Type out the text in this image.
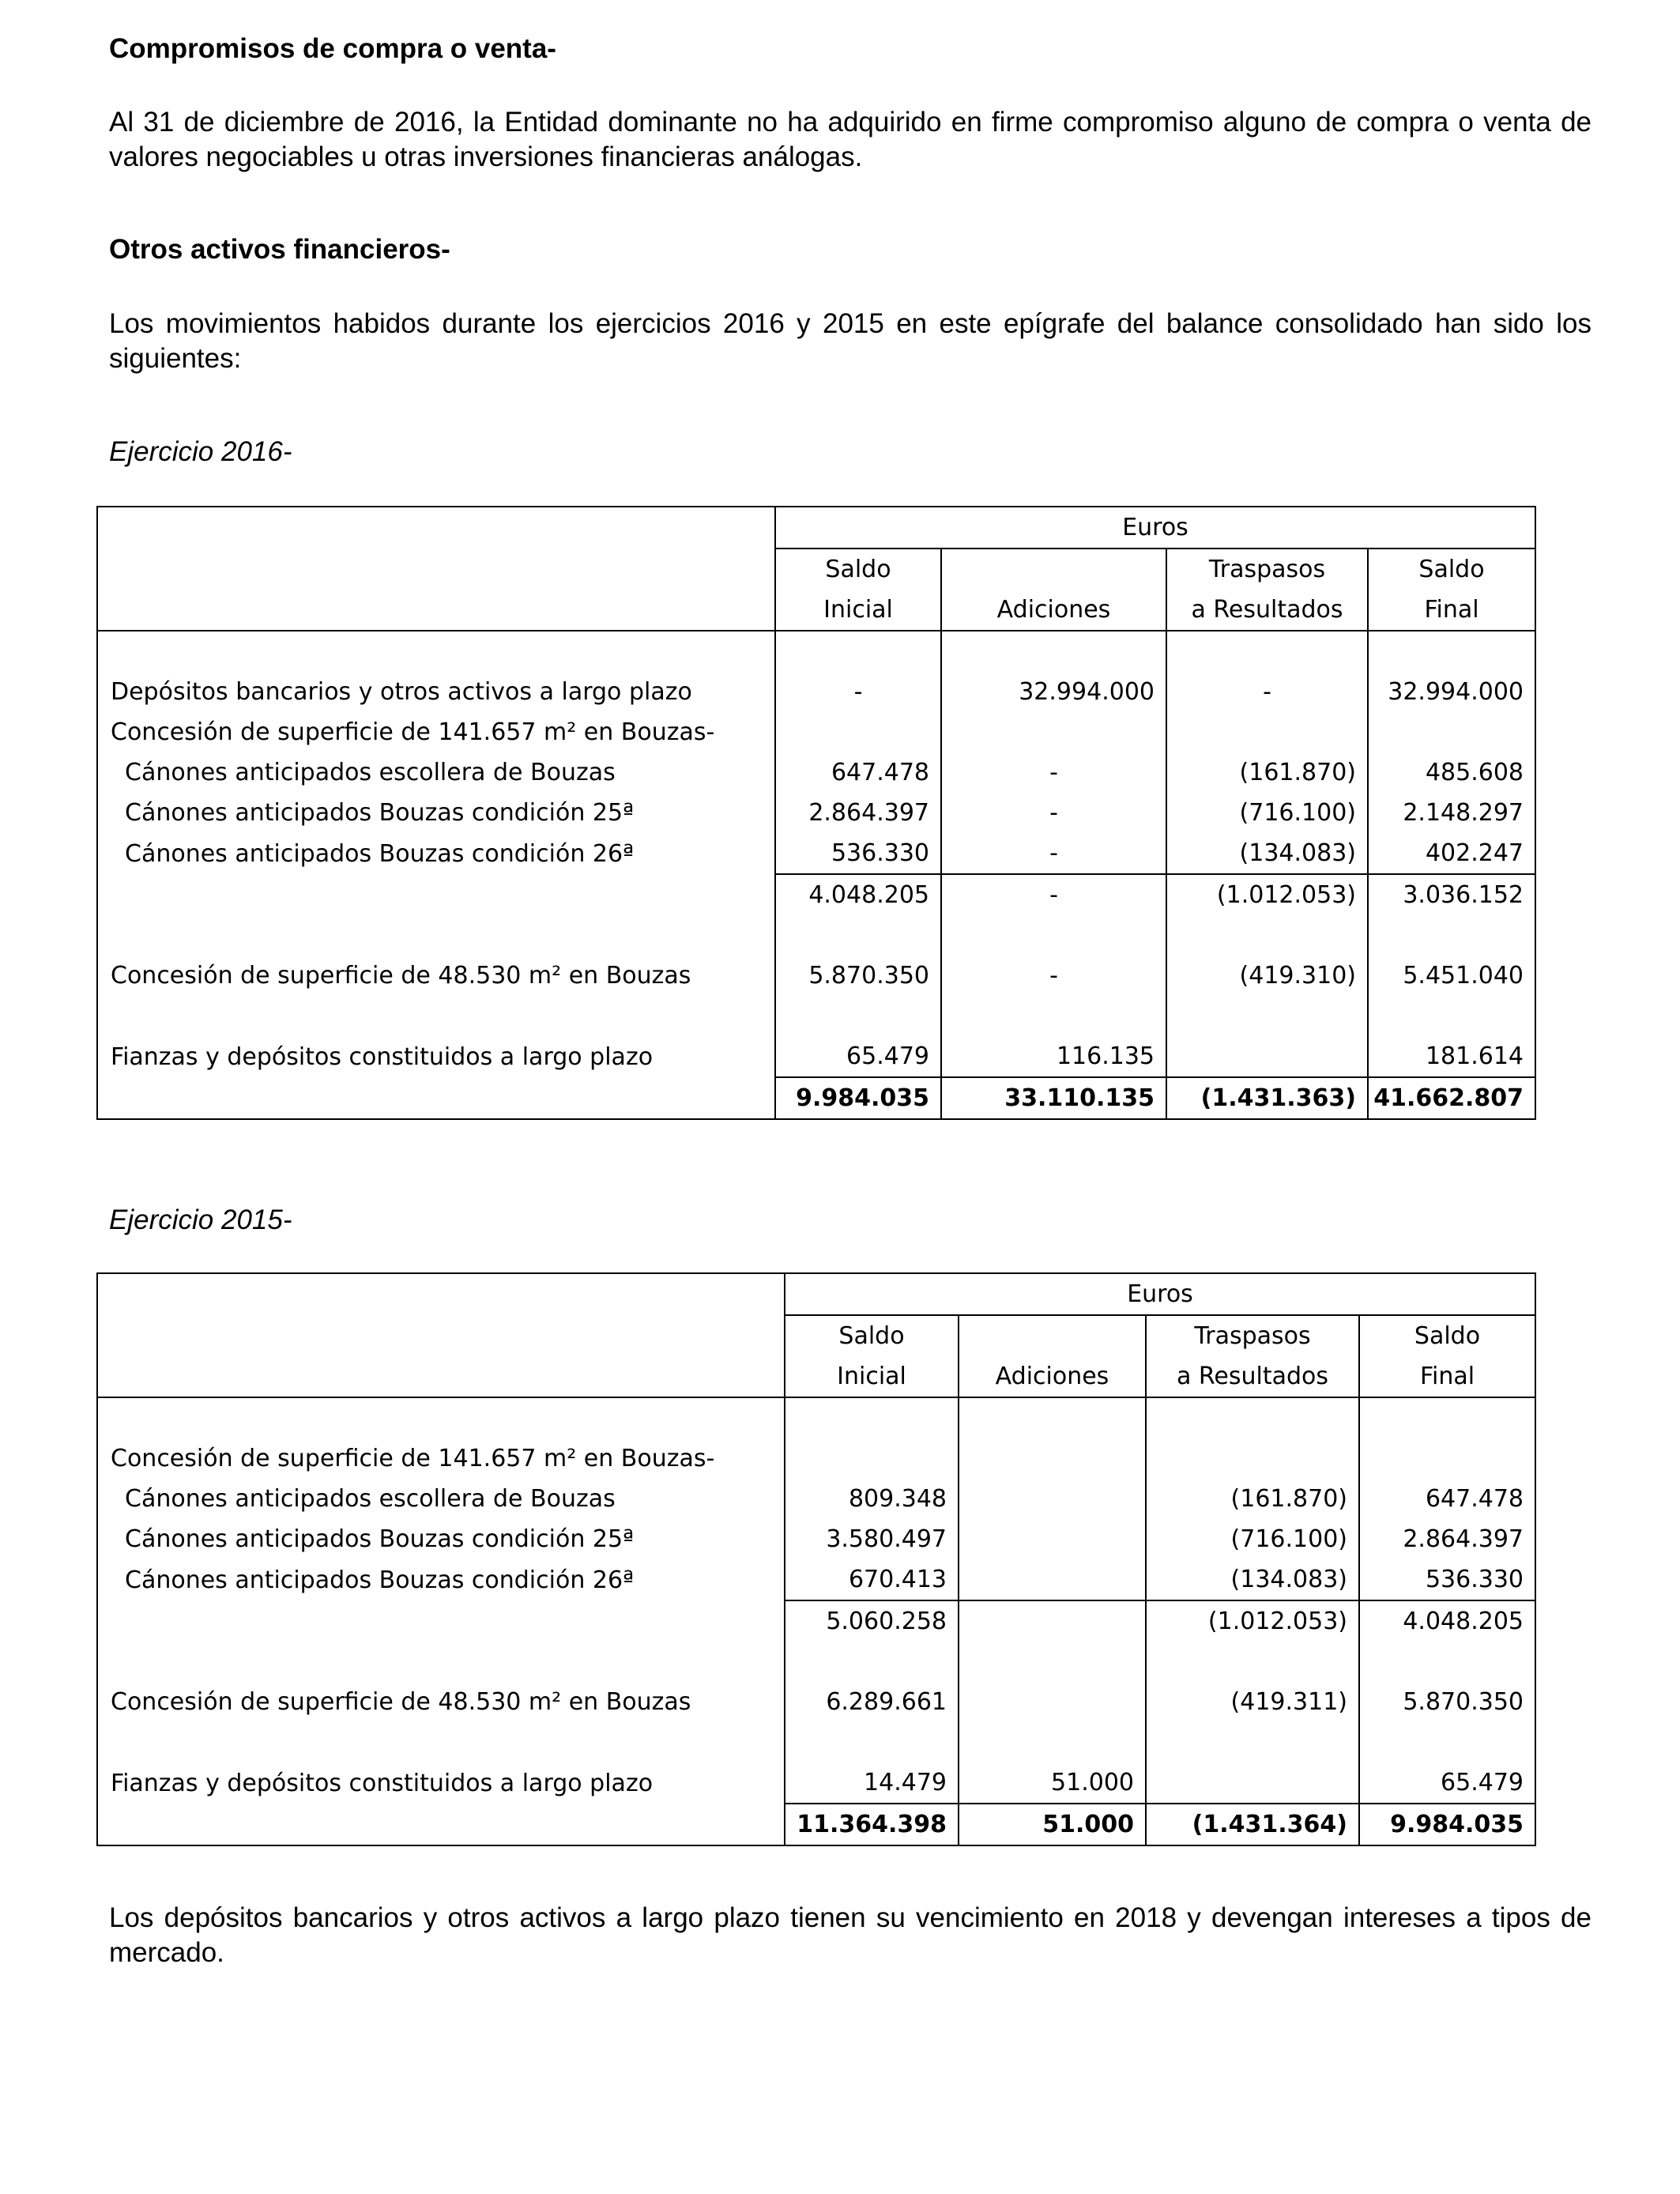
Compromisos de compra o venta-
Al 31 de diciembre de 2016, la Entidad dominante no ha adquirido en firme compromiso alguno de compra o venta de valores negociables u otras inversiones financieras análogas.
Otros activos financieros-
Los movimientos habidos durante los ejercicios 2016 y 2015 en este epígrafe del balance consolidado han sido los siguientes:
Ejercicio 2016-
	Euros			
	Saldo		Traspasos	Saldo
	Inicial	Adiciones	a Resultados	Final

Depósitos bancarios y otros activos a largo plazo	-	32.994.000	-	32.994.000
Concesión de superficie de 141.657 m² en Bouzas-				
Cánones anticipados escollera de Bouzas	647.478	-	(161.870)	485.608
Cánones anticipados Bouzas condición 25ª	2.864.397	-	(716.100)	2.148.297
Cánones anticipados Bouzas condición 26ª	536.330	-	(134.083)	402.247
	4.048.205	-	(1.012.053)	3.036.152

Concesión de superficie de 48.530 m² en Bouzas	5.870.350	-	(419.310)	5.451.040

Fianzas y depósitos constituidos a largo plazo	65.479	116.135		181.614
	9.984.035	33.110.135	(1.431.363)	41.662.807
Ejercicio 2015-
	Euros			
	Saldo		Traspasos	Saldo
	Inicial	Adiciones	a Resultados	Final

Concesión de superficie de 141.657 m² en Bouzas-				
Cánones anticipados escollera de Bouzas	809.348		(161.870)	647.478
Cánones anticipados Bouzas condición 25ª	3.580.497		(716.100)	2.864.397
Cánones anticipados Bouzas condición 26ª	670.413		(134.083)	536.330
	5.060.258		(1.012.053)	4.048.205

Concesión de superficie de 48.530 m² en Bouzas	6.289.661		(419.311)	5.870.350

Fianzas y depósitos constituidos a largo plazo	14.479	51.000		65.479
	11.364.398	51.000	(1.431.364)	9.984.035
Los depósitos bancarios y otros activos a largo plazo tienen su vencimiento en 2018 y devengan intereses a tipos de mercado.
